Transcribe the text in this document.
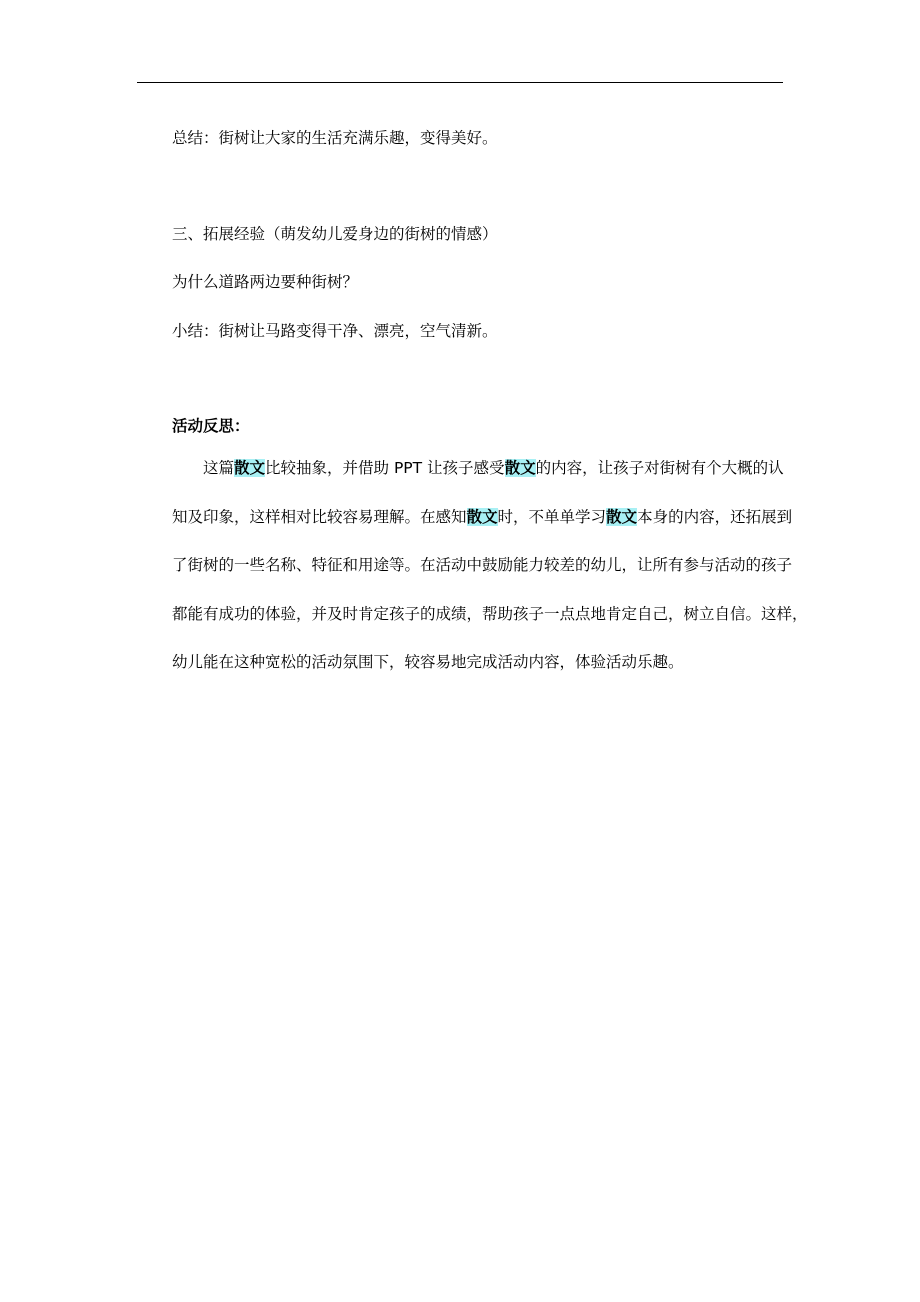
总结：街树让大家的生活充满乐趣，变得美好。
三、拓展经验（萌发幼儿爱身边的街树的情感）
为什么道路两边要种街树？
小结：街树让马路变得干净、漂亮，空气清新。
活动反思：
这篇散文比较抽象，并借助 PPT 让孩子感受散文的内容，让孩子对街树有个大概的认
知及印象，这样相对比较容易理解。在感知散文时，不单单学习散文本身的内容，还拓展到
了街树的一些名称、特征和用途等。在活动中鼓励能力较差的幼儿，让所有参与活动的孩子
都能有成功的体验，并及时肯定孩子的成绩，帮助孩子一点点地肯定自己，树立自信。这样，
幼儿能在这种宽松的活动氛围下，较容易地完成活动内容，体验活动乐趣。
